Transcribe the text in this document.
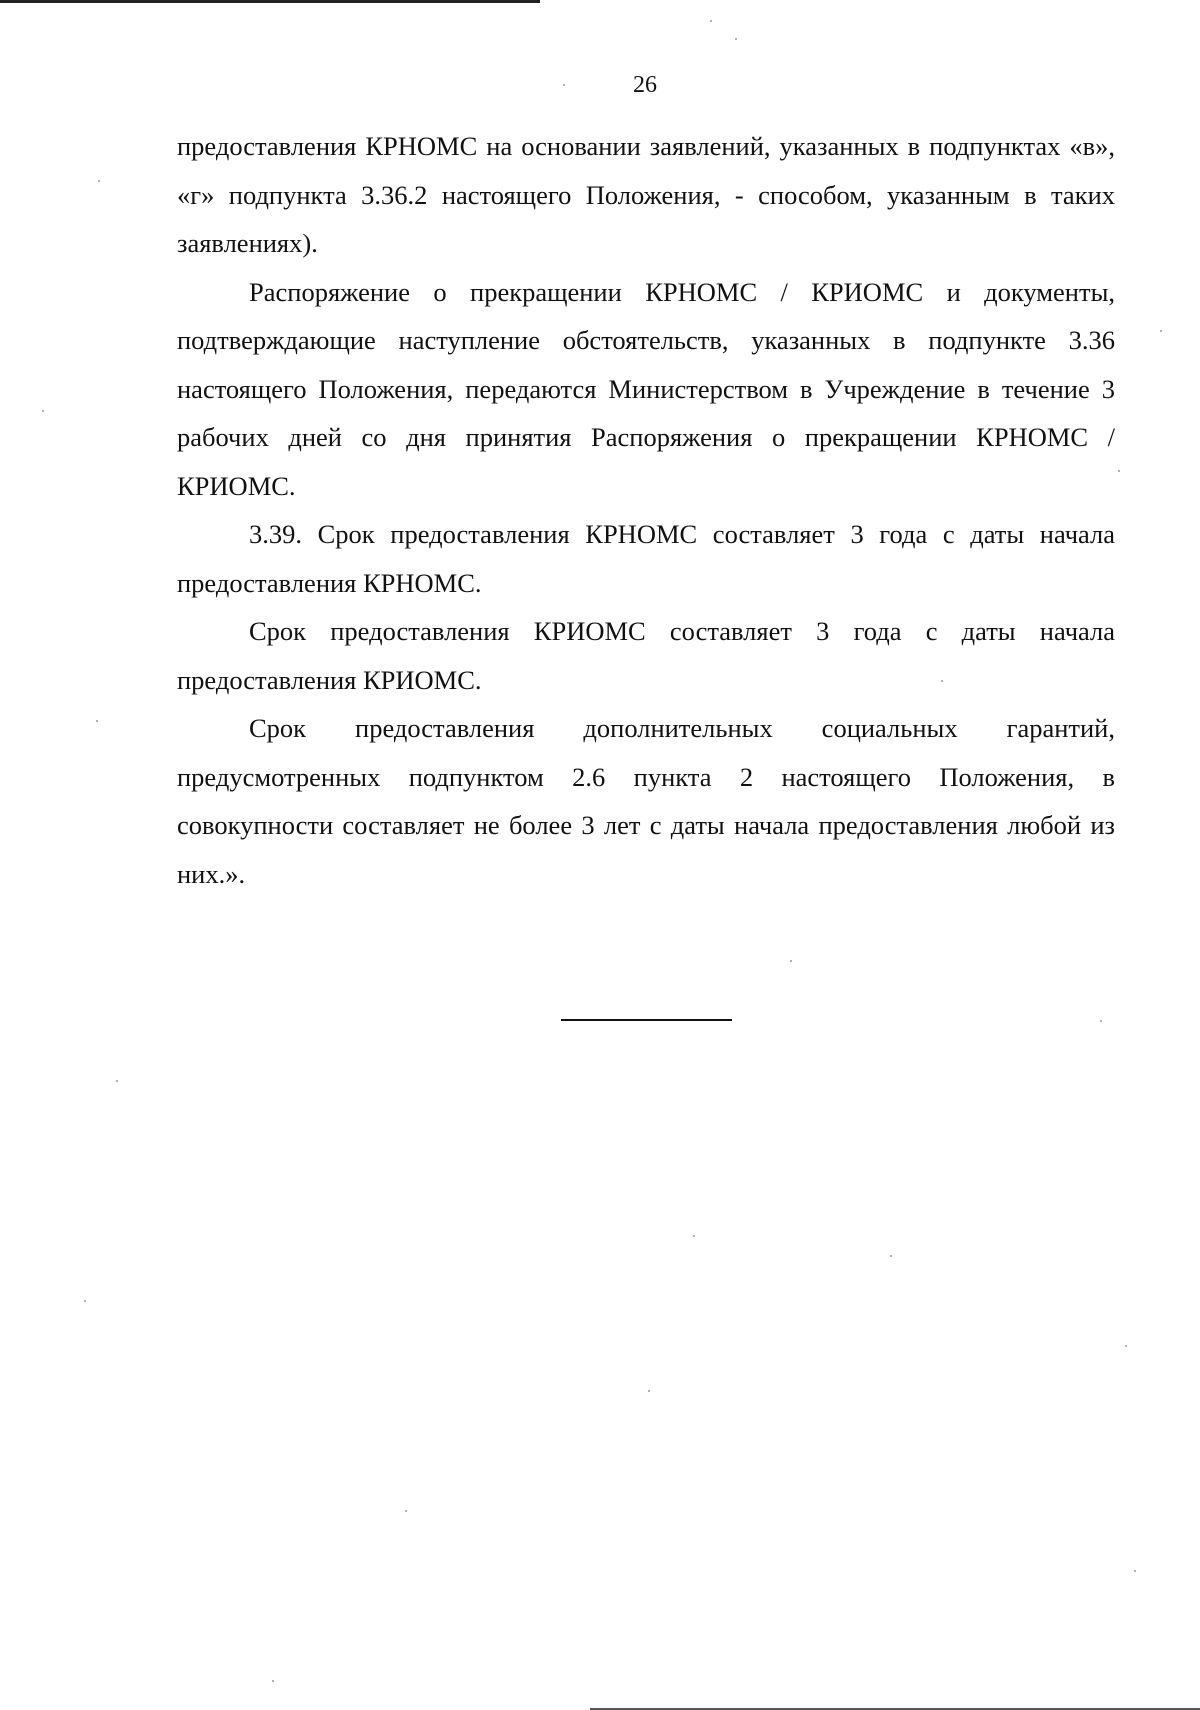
26

предоставления КРНОМС на основании заявлений, указанных в подпунктах «в», «г» подпункта 3.36.2 настоящего Положения, - способом, указанным в таких заявлениях).

Распоряжение о прекращении КРНОМС / КРИОМС и документы, подтверждающие наступление обстоятельств, указанных в подпункте 3.36 настоящего Положения, передаются Министерством в Учреждение в течение 3 рабочих дней со дня принятия Распоряжения о прекращении КРНОМС / КРИОМС.

3.39. Срок предоставления КРНОМС составляет 3 года с даты начала предоставления КРНОМС.

Срок предоставления КРИОМС составляет 3 года с даты начала предоставления КРИОМС.

Срок предоставления дополнительных социальных гарантий, предусмотренных подпунктом 2.6 пункта 2 настоящего Положения, в совокупности составляет не более 3 лет с даты начала предоставления любой из них.».
